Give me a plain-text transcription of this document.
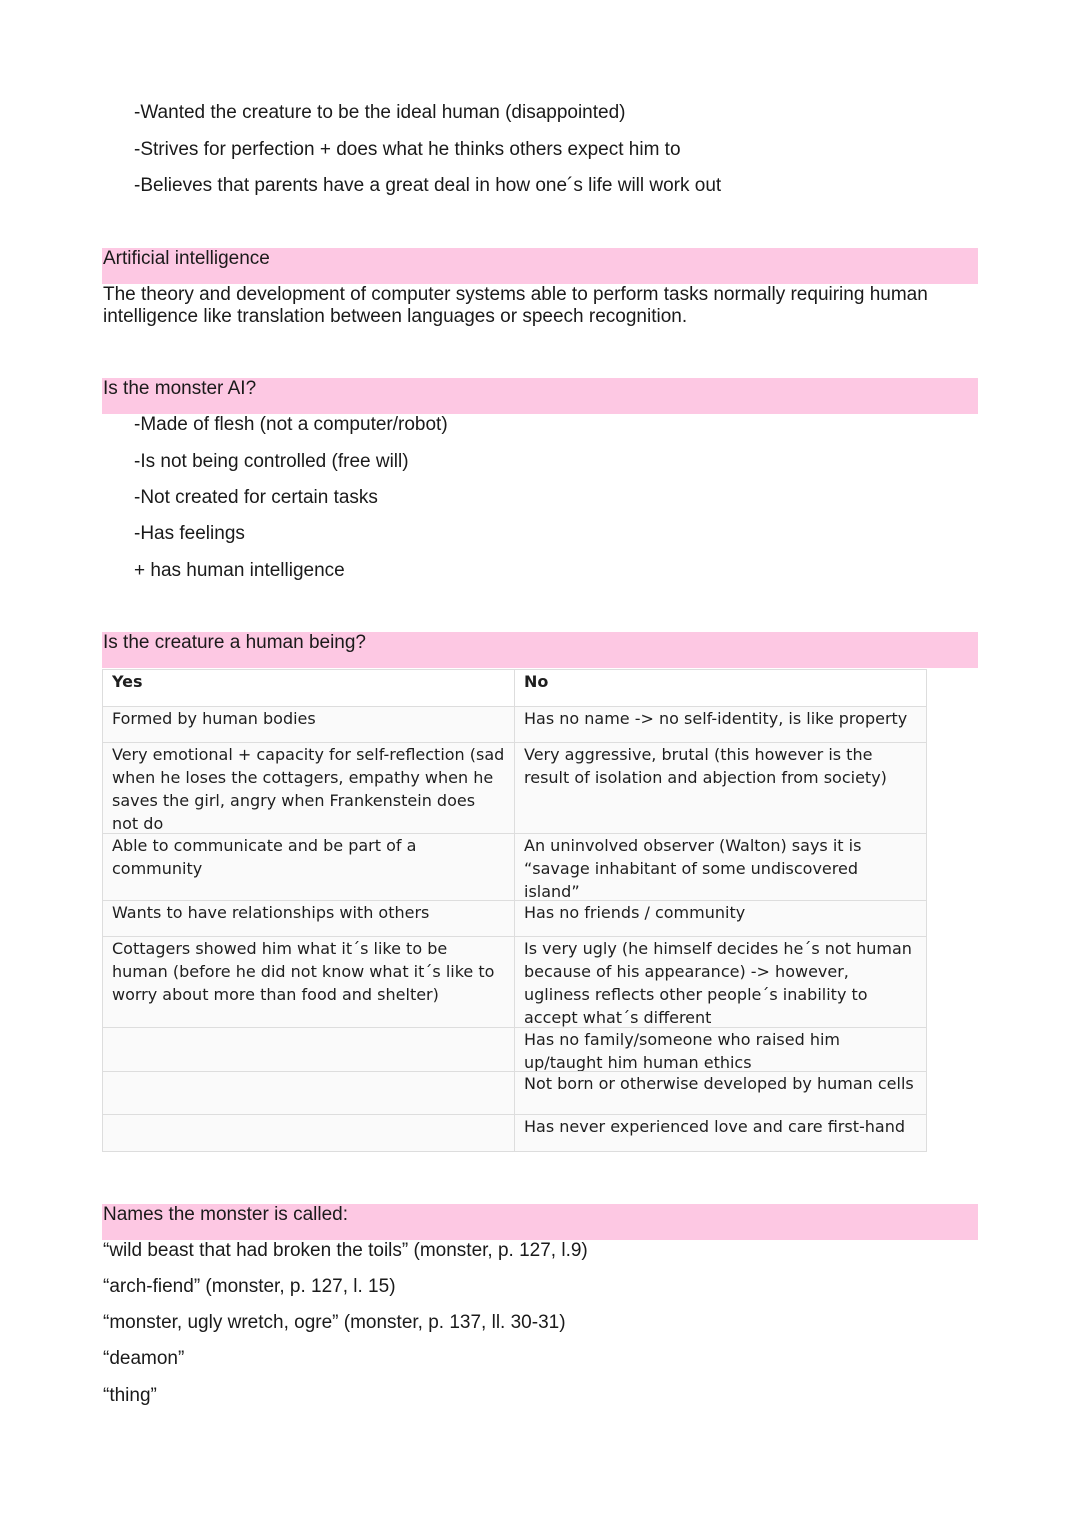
-Wanted the creature to be the ideal human (disappointed)
-Strives for perfection + does what he thinks others expect him to
-Believes that parents have a great deal in how one´s life will work out
Artificial intelligence
The theory and development of computer systems able to perform tasks normally requiring human intelligence like translation between languages or speech recognition.
Is the monster AI?
-Made of flesh (not a computer/robot)
-Is not being controlled (free will)
-Not created for certain tasks
-Has feelings
+ has human intelligence
Is the creature a human being?
Yes	No

Formed by human bodies	Has no name -> no self-identity, is like property

Very emotional + capacity for self-reflection (sad when he loses the cottagers, empathy when he saves the girl, angry when Frankenstein does not do	Very aggressive, brutal (this however is the result of isolation and abjection from society)

Able to communicate and be part of a community	An uninvolved observer (Walton) says it is “savage inhabitant of some undiscovered island”

Wants to have relationships with others	Has no friends / community

Cottagers showed him what it´s like to be human (before he did not know what it´s like to worry about more than food and shelter)	Is very ugly (he himself decides he´s not human because of his appearance) -> however, ugliness reflects other people´s inability to accept what´s different

	Has no family/someone who raised him up/taught him human ethics

	Not born or otherwise developed by human cells

	Has never experienced love and care first-hand
Names the monster is called:
“wild beast that had broken the toils” (monster, p. 127, l.9)
“arch-fiend” (monster, p. 127, l. 15)
“monster, ugly wretch, ogre” (monster, p. 137, ll. 30-31)
“deamon”
“thing”
